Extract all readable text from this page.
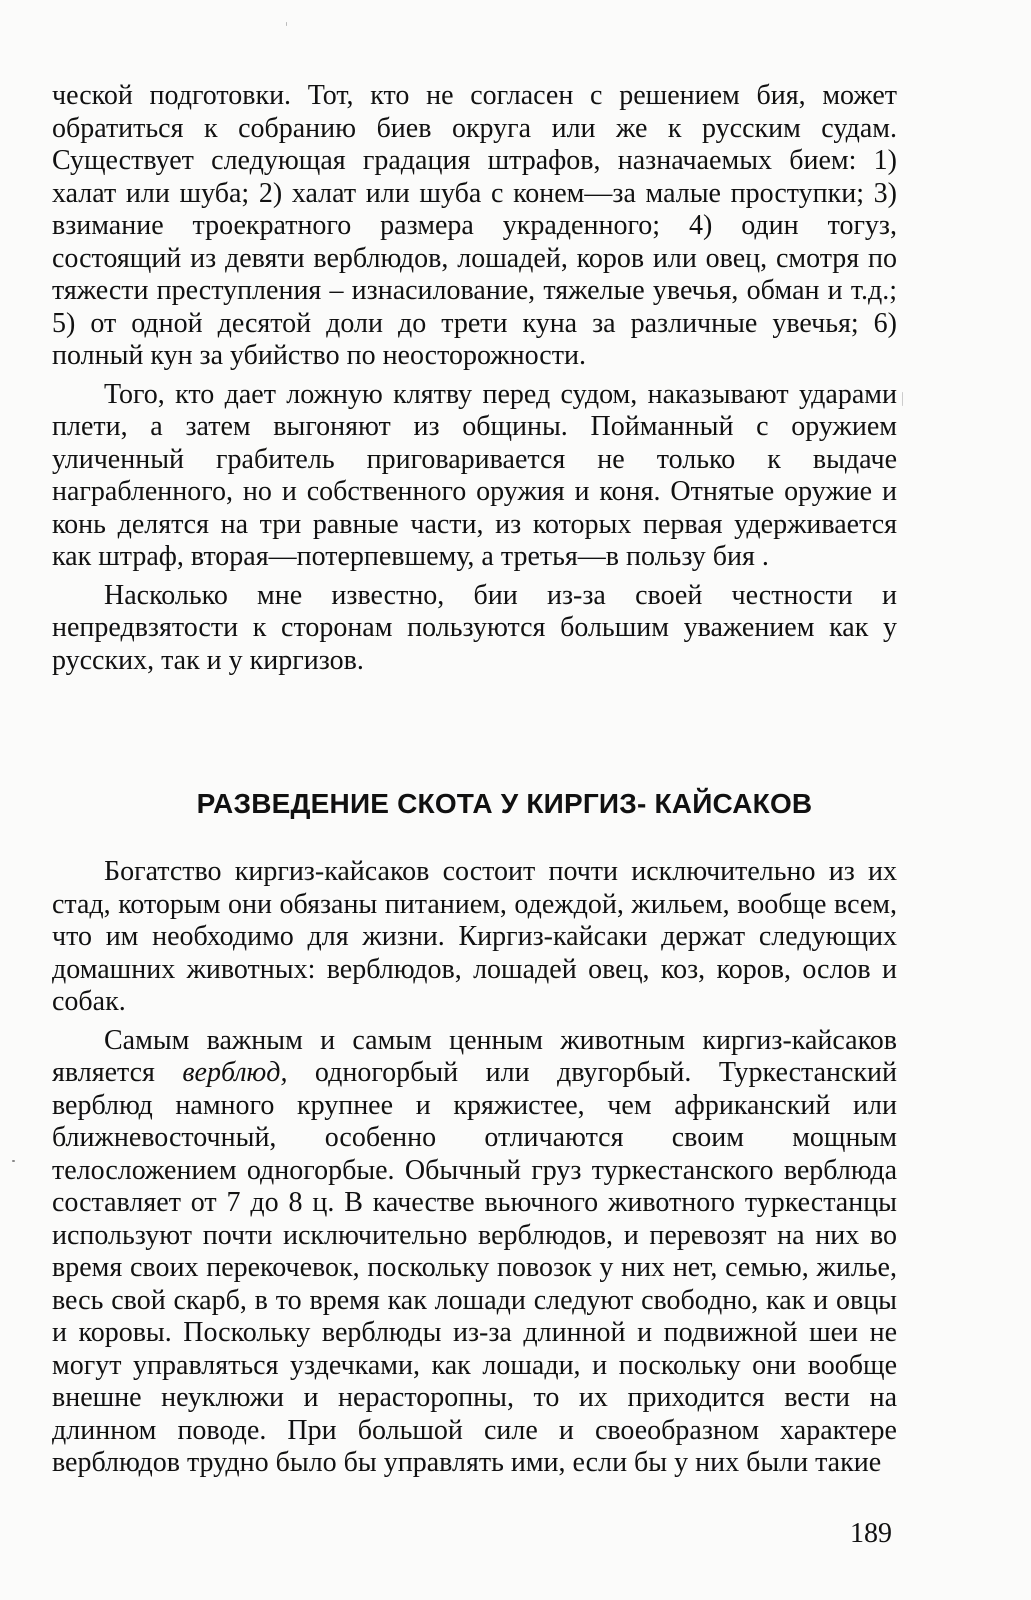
ческой подготовки. Тот, кто не согласен с решением бия, может обратиться к собранию биев округа или же к русским судам. Существует следующая градация штрафов, назначаемых бием: 1) халат или шуба; 2) халат или шуба с конем—за малые проступки; 3) взимание троекратного размера украденного; 4) один тогуз, состоящий из девяти верблюдов, лошадей, коров или овец, смотря по тяжести преступления – изнасилование, тяжелые увечья, обман и т.д.; 5) от одной десятой доли до трети куна за различные увечья; 6) полный кун за убийство по неосторожности.

Того, кто дает ложную клятву перед судом, наказывают ударами плети, а затем выгоняют из общины. Пойманный с оружием уличенный грабитель приговаривается не только к выдаче награбленного, но и собственного оружия и коня. Отнятые оружие и конь делятся на три равные части, из которых первая удерживается как штраф, вторая—потерпевшему, а третья—в пользу бия .

Насколько мне известно, бии из-за своей честности и непредвзятости к сторонам пользуются большим уважением как у русских, так и у киргизов.

РАЗВЕДЕНИЕ СКОТА У КИРГИЗ- КАЙСАКОВ

Богатство киргиз-кайсаков состоит почти исключительно из их стад, которым они обязаны питанием, одеждой, жильем, вообще всем, что им необходимо для жизни. Киргиз-кайсаки держат следующих домашних животных: верблюдов, лошадей овец, коз, коров, ослов и собак.

Самым важным и самым ценным животным киргиз-кайсаков является верблюд, одногорбый или двугорбый. Туркестанский верблюд намного крупнее и кряжистее, чем африканский или ближневосточный, особенно отличаются своим мощным телосложением одногорбые. Обычный груз туркестанского верблюда составляет от 7 до 8 ц. В качестве вьючного животного туркестанцы используют почти исключительно верблюдов, и перевозят на них во время своих перекочевок, поскольку повозок у них нет, семью, жилье, весь свой скарб, в то время как лошади следуют свободно, как и овцы и коровы. Поскольку верблюды из-за длинной и подвижной шеи не могут управляться уздечками, как лошади, и поскольку они вообще внешне неуклюжи и нерасторопны, то их приходится вести на длинном поводе. При большой силе и своеобразном характере верблюдов трудно было бы управлять ими, если бы у них были такие

189
